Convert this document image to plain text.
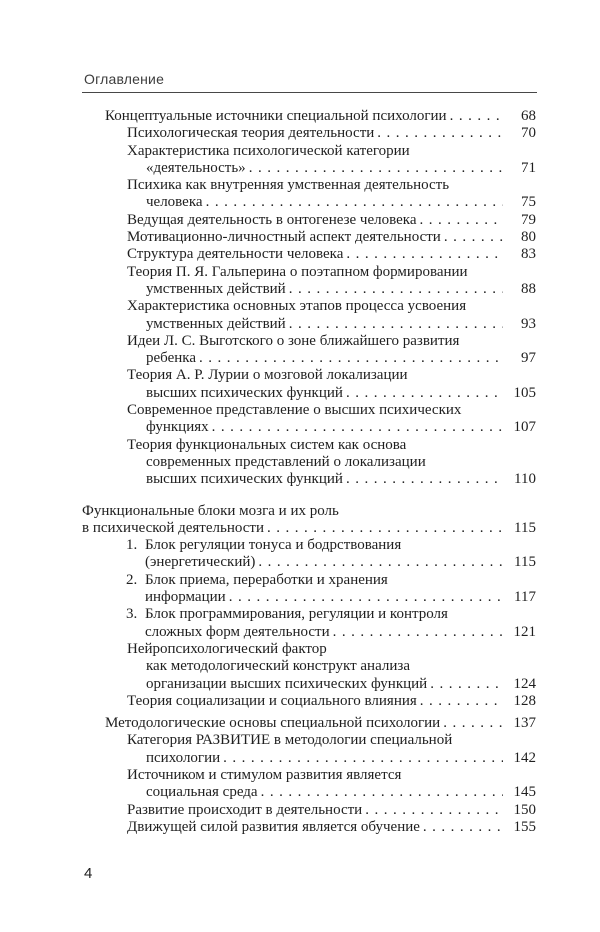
Оглавление
Концептуальные источники специальной психологии .....	68
Психологическая теория деятельности .....	70
Характеристика психологической категории
«деятельность» .....	71
Психика как внутренняя умственная деятельность
человека .....	75
Ведущая деятельность в онтогенезе человека .....	79
Мотивационно-личностный аспект деятельности .....	80
Структура деятельности человека .....	83
Теория П. Я. Гальперина о поэтапном формировании
умственных действий .....	88
Характеристика основных этапов процесса усвоения
умственных действий .....	93
Идеи Л. С. Выготского о зоне ближайшего развития
ребенка .....	97
Теория А. Р. Лурии о мозговой локализации
высших психических функций .....	105
Современное представление о высших психических
функциях .....	107
Теория функциональных систем как основа
современных представлений о локализации
высших психических функций .....	110
Функциональные блоки мозга и их роль
в психической деятельности .....	115
1. Блок регуляции тонуса и бодрствования
(энергетический) .....	115
2. Блок приема, переработки и хранения
информации .....	117
3. Блок программирования, регуляции и контроля
сложных форм деятельности .....	121
Нейропсихологический фактор
как методологический конструкт анализа
организации высших психических функций .....	124
Теория социализации и социального влияния .....	128
Методологические основы специальной психологии .....	137
Категория РАЗВИТИЕ в методологии специальной
психологии .....	142
Источником и стимулом развития является
социальная среда .....	145
Развитие происходит в деятельности .....	150
Движущей силой развития является обучение .....	155
4
